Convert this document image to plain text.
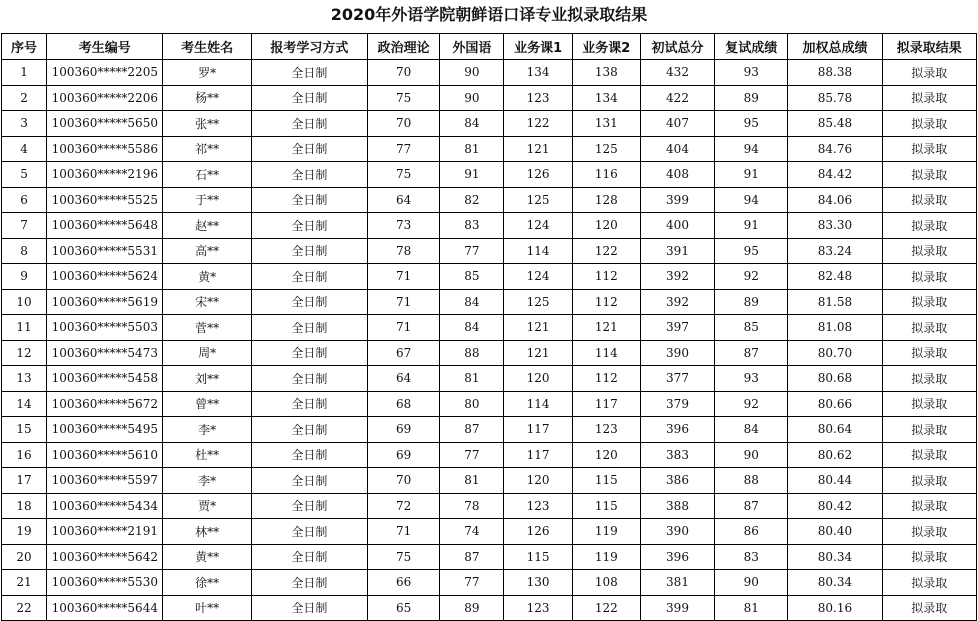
2020年外语学院朝鲜语口译专业拟录取结果
序号	考生编号	考生姓名	报考学习方式	政治理论	外国语	业务课1	业务课2	初试总分	复试成绩	加权总成绩	拟录取结果
1	100360*****2205	罗*	全日制	70	90	134	138	432	93	88.38	拟录取
2	100360*****2206	杨**	全日制	75	90	123	134	422	89	85.78	拟录取
3	100360*****5650	张**	全日制	70	84	122	131	407	95	85.48	拟录取
4	100360*****5586	祁**	全日制	77	81	121	125	404	94	84.76	拟录取
5	100360*****2196	石**	全日制	75	91	126	116	408	91	84.42	拟录取
6	100360*****5525	于**	全日制	64	82	125	128	399	94	84.06	拟录取
7	100360*****5648	赵**	全日制	73	83	124	120	400	91	83.30	拟录取
8	100360*****5531	高**	全日制	78	77	114	122	391	95	83.24	拟录取
9	100360*****5624	黄*	全日制	71	85	124	112	392	92	82.48	拟录取
10	100360*****5619	宋**	全日制	71	84	125	112	392	89	81.58	拟录取
11	100360*****5503	菅**	全日制	71	84	121	121	397	85	81.08	拟录取
12	100360*****5473	周*	全日制	67	88	121	114	390	87	80.70	拟录取
13	100360*****5458	刘**	全日制	64	81	120	112	377	93	80.68	拟录取
14	100360*****5672	曾**	全日制	68	80	114	117	379	92	80.66	拟录取
15	100360*****5495	李*	全日制	69	87	117	123	396	84	80.64	拟录取
16	100360*****5610	杜**	全日制	69	77	117	120	383	90	80.62	拟录取
17	100360*****5597	李*	全日制	70	81	120	115	386	88	80.44	拟录取
18	100360*****5434	贾*	全日制	72	78	123	115	388	87	80.42	拟录取
19	100360*****2191	林**	全日制	71	74	126	119	390	86	80.40	拟录取
20	100360*****5642	黄**	全日制	75	87	115	119	396	83	80.34	拟录取
21	100360*****5530	徐**	全日制	66	77	130	108	381	90	80.34	拟录取
22	100360*****5644	叶**	全日制	65	89	123	122	399	81	80.16	拟录取
